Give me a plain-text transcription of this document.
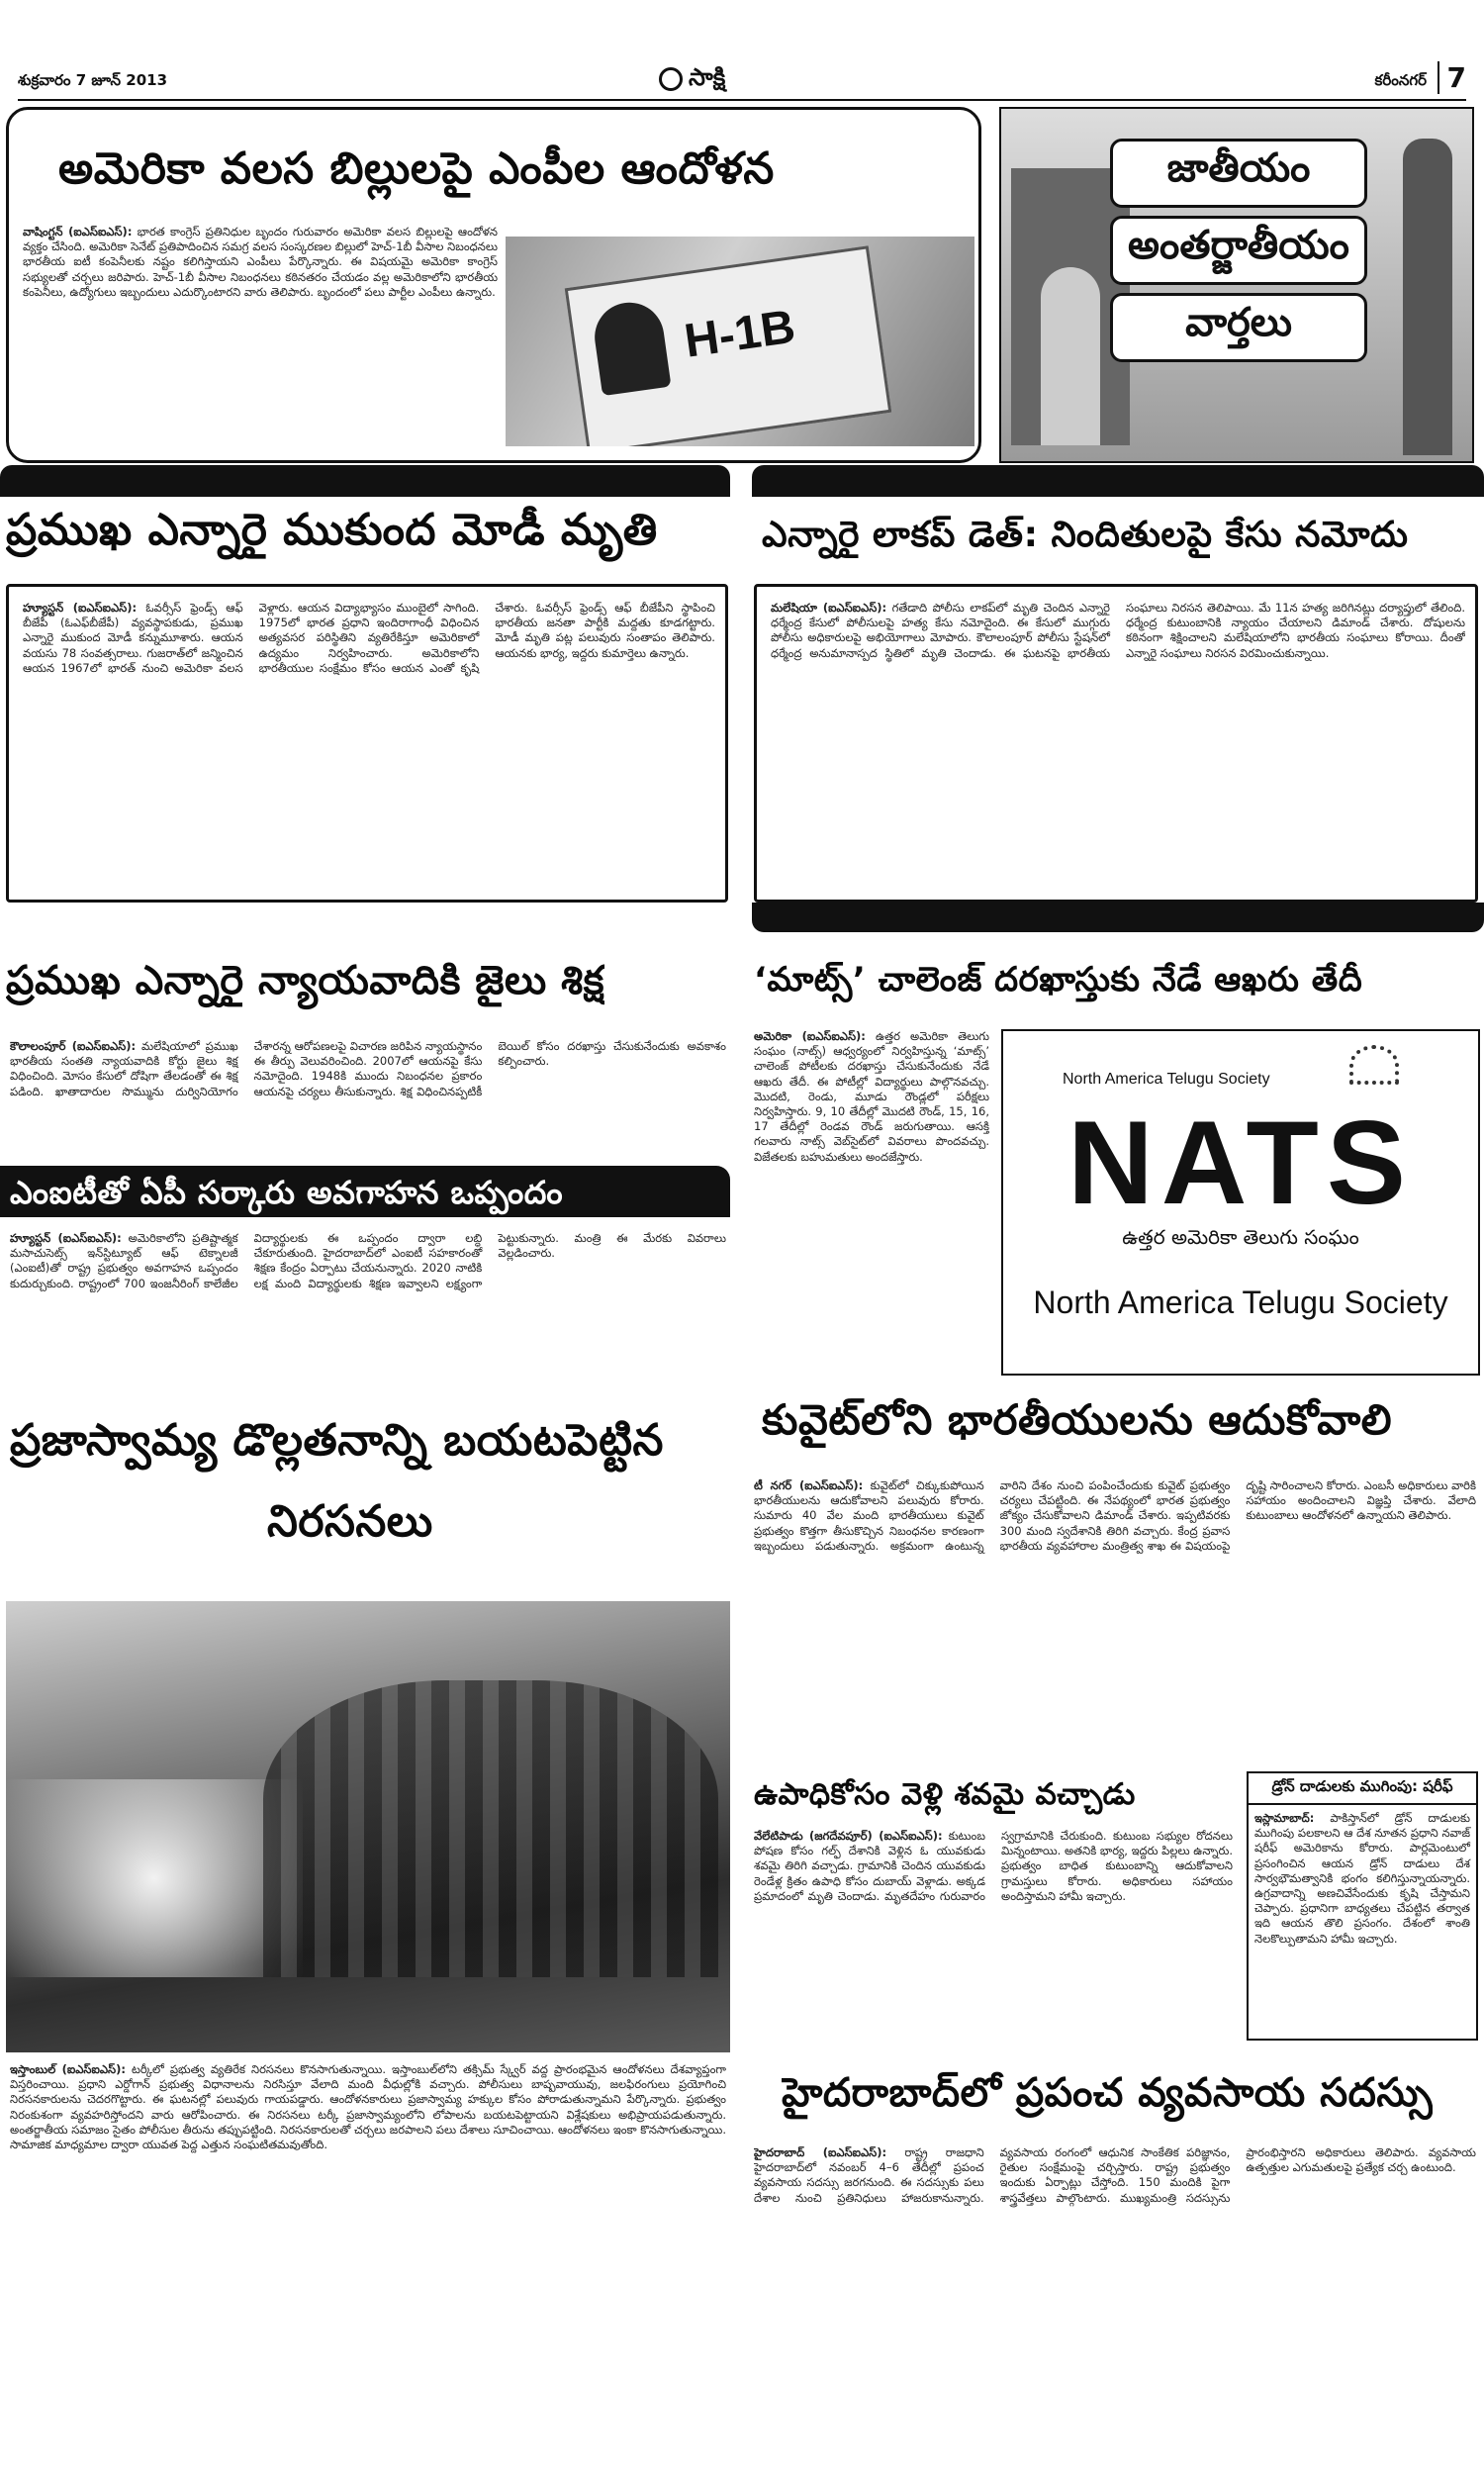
శుక్రవారం 7 జూన్ 2013	సాక్షి	కరీంనగర్ 7
అమెరికా వలస బిల్లులపై ఎంపీల ఆందోళన
వాషింగ్టన్ (ఐఎస్‌ఐఎస్): భారత కాంగ్రెస్ ప్రతినిధుల బృందం గురువారం అమెరికా వలస బిల్లులపై ఆందోళన వ్యక్తం చేసింది. అమెరికా సెనేట్ ప్రతిపాదించిన సమగ్ర వలస సంస్కరణల బిల్లులో హెచ్-1బీ వీసాల నిబంధనలు భారతీయ ఐటీ కంపెనీలకు నష్టం కలిగిస్తాయని ఎంపీలు పేర్కొన్నారు. ఈ విషయమై అమెరికా కాంగ్రెస్ సభ్యులతో చర్చలు జరిపారు. హెచ్-1బీ వీసాల నిబంధనలు కఠినతరం చేయడం వల్ల అమెరికాలోని భారతీయ కంపెనీలు, ఉద్యోగులు ఇబ్బందులు ఎదుర్కొంటారని వారు తెలిపారు. బృందంలో పలు పార్టీల ఎంపీలు ఉన్నారు.
H-1B
జాతీయం
అంతర్జాతీయం
వార్తలు
ప్రముఖ ఎన్నారై ముకుంద మోడీ మృతి
హ్యూస్టన్ (ఐఎస్‌ఐఎస్): ఓవర్సీస్ ఫ్రెండ్స్ ఆఫ్ బీజేపీ (ఓఎఫ్‌బీజేపీ) వ్యవస్థాపకుడు, ప్రముఖ ఎన్నారై ముకుంద మోడీ కన్నుమూశారు. ఆయన వయసు 78 సంవత్సరాలు. గుజరాత్‌లో జన్మించిన ఆయన 1967లో భారత్ నుంచి అమెరికా వలస వెళ్లారు. ఆయన విద్యాభ్యాసం ముంబైలో సాగింది. 1975లో భారత ప్రధాని ఇందిరాగాంధీ విధించిన అత్యవసర పరిస్థితిని వ్యతిరేకిస్తూ అమెరికాలో ఉద్యమం నిర్వహించారు. అమెరికాలోని భారతీయుల సంక్షేమం కోసం ఆయన ఎంతో కృషి చేశారు. ఓవర్సీస్ ఫ్రెండ్స్ ఆఫ్ బీజేపీని స్థాపించి భారతీయ జనతా పార్టీకి మద్దతు కూడగట్టారు. మోడీ మృతి పట్ల పలువురు సంతాపం తెలిపారు. ఆయనకు భార్య, ఇద్దరు కుమార్తెలు ఉన్నారు.
ఎన్నారై లాకప్ డెత్: నిందితులపై కేసు నమోదు
మలేషియా (ఐఎస్‌ఐఎస్): గతేడాది పోలీసు లాకప్‌లో మృతి చెందిన ఎన్నారై ధర్మేంద్ర కేసులో పోలీసులపై హత్య కేసు నమోదైంది. ఈ కేసులో ముగ్గురు పోలీసు అధికారులపై అభియోగాలు మోపారు. కౌలాలంపూర్ పోలీసు స్టేషన్‌లో ధర్మేంద్ర అనుమానాస్పద స్థితిలో మృతి చెందాడు. ఈ ఘటనపై భారతీయ సంఘాలు నిరసన తెలిపాయి. మే 11న హత్య జరిగినట్లు దర్యాప్తులో తేలింది. ధర్మేంద్ర కుటుంబానికి న్యాయం చేయాలని డిమాండ్ చేశారు. దోషులను కఠినంగా శిక్షించాలని మలేషియాలోని భారతీయ సంఘాలు కోరాయి. దీంతో ఎన్నారై సంఘాలు నిరసన విరమించుకున్నాయి.
ప్రముఖ ఎన్నారై న్యాయవాదికి జైలు శిక్ష
కౌలాలంపూర్ (ఐఎస్‌ఐఎస్): మలేషియాలో ప్రముఖ భారతీయ సంతతి న్యాయవాదికి కోర్టు జైలు శిక్ష విధించింది. మోసం కేసులో దోషిగా తేలడంతో ఈ శిక్ష పడింది. ఖాతాదారుల సొమ్మును దుర్వినియోగం చేశారన్న ఆరోపణలపై విచారణ జరిపిన న్యాయస్థానం ఈ తీర్పు వెలువరించింది. 2007లో ఆయనపై కేసు నమోదైంది. 1948కి ముందు నిబంధనల ప్రకారం ఆయనపై చర్యలు తీసుకున్నారు. శిక్ష విధించినప్పటికీ బెయిల్ కోసం దరఖాస్తు చేసుకునేందుకు అవకాశం కల్పించారు.
ఎంఐటీతో ఏపీ సర్కారు అవగాహన ఒప్పందం
హ్యూస్టన్ (ఐఎస్‌ఐఎస్): అమెరికాలోని ప్రతిష్టాత్మక మసాచుసెట్స్ ఇన్‌స్టిట్యూట్ ఆఫ్ టెక్నాలజీ (ఎంఐటీ)తో రాష్ట్ర ప్రభుత్వం అవగాహన ఒప్పందం కుదుర్చుకుంది. రాష్ట్రంలో 700 ఇంజనీరింగ్ కాలేజీల విద్యార్థులకు ఈ ఒప్పందం ద్వారా లబ్ధి చేకూరుతుంది. హైదరాబాద్‌లో ఎంఐటీ సహకారంతో శిక్షణ కేంద్రం ఏర్పాటు చేయనున్నారు. 2020 నాటికి లక్ష మంది విద్యార్థులకు శిక్షణ ఇవ్వాలని లక్ష్యంగా పెట్టుకున్నారు. మంత్రి ఈ మేరకు వివరాలు వెల్లడించారు.
‘మాట్స్’ చాలెంజ్ దరఖాస్తుకు నేడే ఆఖరు తేదీ
అమెరికా (ఐఎస్‌ఐఎస్): ఉత్తర అమెరికా తెలుగు సంఘం (నాట్స్) ఆధ్వర్యంలో నిర్వహిస్తున్న ‘మాట్స్’ చాలెంజ్ పోటీలకు దరఖాస్తు చేసుకునేందుకు నేడే ఆఖరు తేదీ. ఈ పోటీల్లో విద్యార్థులు పాల్గొనవచ్చు. మొదటి, రెండు, మూడు రౌండ్లలో పరీక్షలు నిర్వహిస్తారు. 9, 10 తేదీల్లో మొదటి రౌండ్, 15, 16, 17 తేదీల్లో రెండవ రౌండ్ జరుగుతాయి. ఆసక్తి గలవారు నాట్స్ వెబ్‌సైట్‌లో వివరాలు పొందవచ్చు. విజేతలకు బహుమతులు అందజేస్తారు.
North America Telugu Society
NATS
ఉత్తర అమెరికా తెలుగు సంఘం
North America Telugu Society
ప్రజాస్వామ్య డొల్లతనాన్ని బయటపెట్టిన
నిరసనలు
ఇస్తాంబుల్ (ఐఎస్‌ఐఎస్): టర్కీలో ప్రభుత్వ వ్యతిరేక నిరసనలు కొనసాగుతున్నాయి. ఇస్తాంబుల్‌లోని తక్సిమ్ స్క్వేర్ వద్ద ప్రారంభమైన ఆందోళనలు దేశవ్యాప్తంగా విస్తరించాయి. ప్రధాని ఎర్డోగాన్ ప్రభుత్వ విధానాలను నిరసిస్తూ వేలాది మంది వీధుల్లోకి వచ్చారు. పోలీసులు బాష్పవాయువు, జలఫిరంగులు ప్రయోగించి నిరసనకారులను చెదరగొట్టారు. ఈ ఘటనల్లో పలువురు గాయపడ్డారు. ఆందోళనకారులు ప్రజాస్వామ్య హక్కుల కోసం పోరాడుతున్నామని పేర్కొన్నారు. ప్రభుత్వం నిరంకుశంగా వ్యవహరిస్తోందని వారు ఆరోపించారు. ఈ నిరసనలు టర్కీ ప్రజాస్వామ్యంలోని లోపాలను బయటపెట్టాయని విశ్లేషకులు అభిప్రాయపడుతున్నారు. అంతర్జాతీయ సమాజం సైతం పోలీసుల తీరును తప్పుపట్టింది. నిరసనకారులతో చర్చలు జరపాలని పలు దేశాలు సూచించాయి. ఆందోళనలు ఇంకా కొనసాగుతున్నాయి. సామాజిక మాధ్యమాల ద్వారా యువత పెద్ద ఎత్తున సంఘటితమవుతోంది.
కువైట్‌లోని భారతీయులను ఆదుకోవాలి
టీ నగర్ (ఐఎస్‌ఐఎస్): కువైట్‌లో చిక్కుకుపోయిన భారతీయులను ఆదుకోవాలని పలువురు కోరారు. సుమారు 40 వేల మంది భారతీయులు కువైట్ ప్రభుత్వం కొత్తగా తీసుకొచ్చిన నిబంధనల కారణంగా ఇబ్బందులు పడుతున్నారు. అక్రమంగా ఉంటున్న వారిని దేశం నుంచి పంపించేందుకు కువైట్ ప్రభుత్వం చర్యలు చేపట్టింది. ఈ నేపథ్యంలో భారత ప్రభుత్వం జోక్యం చేసుకోవాలని డిమాండ్ చేశారు. ఇప్పటివరకు 300 మంది స్వదేశానికి తిరిగి వచ్చారు. కేంద్ర ప్రవాస భారతీయ వ్యవహారాల మంత్రిత్వ శాఖ ఈ విషయంపై దృష్టి సారించాలని కోరారు. ఎంబసీ అధికారులు వారికి సహాయం అందించాలని విజ్ఞప్తి చేశారు. వేలాది కుటుంబాలు ఆందోళనలో ఉన్నాయని తెలిపారు.
ఉపాధికోసం వెళ్లి శవమై వచ్చాడు
వేలేటిపాడు (జగదేవపూర్) (ఐఎస్‌ఐఎస్): కుటుంబ పోషణ కోసం గల్ఫ్ దేశానికి వెళ్లిన ఓ యువకుడు శవమై తిరిగి వచ్చాడు. గ్రామానికి చెందిన యువకుడు రెండేళ్ల క్రితం ఉపాధి కోసం దుబాయ్ వెళ్లాడు. అక్కడ ప్రమాదంలో మృతి చెందాడు. మృతదేహం గురువారం స్వగ్రామానికి చేరుకుంది. కుటుంబ సభ్యుల రోదనలు మిన్నంటాయి. అతనికి భార్య, ఇద్దరు పిల్లలు ఉన్నారు. ప్రభుత్వం బాధిత కుటుంబాన్ని ఆదుకోవాలని గ్రామస్తులు కోరారు. అధికారులు సహాయం అందిస్తామని హామీ ఇచ్చారు.
డ్రోన్ దాడులకు ముగింపు: షరీఫ్
ఇస్లామాబాద్: పాకిస్తాన్‌లో డ్రోన్ దాడులకు ముగింపు పలకాలని ఆ దేశ నూతన ప్రధాని నవాజ్ షరీఫ్ అమెరికాను కోరారు. పార్లమెంటులో ప్రసంగించిన ఆయన డ్రోన్ దాడులు దేశ సార్వభౌమత్వానికి భంగం కలిగిస్తున్నాయన్నారు. ఉగ్రవాదాన్ని అణచివేసేందుకు కృషి చేస్తామని చెప్పారు. ప్రధానిగా బాధ్యతలు చేపట్టిన తర్వాత ఇది ఆయన తొలి ప్రసంగం. దేశంలో శాంతి నెలకొల్పుతామని హామీ ఇచ్చారు.
హైదరాబాద్‌లో ప్రపంచ వ్యవసాయ సదస్సు
హైదరాబాద్ (ఐఎస్‌ఐఎస్): రాష్ట్ర రాజధాని హైదరాబాద్‌లో నవంబర్ 4–6 తేదీల్లో ప్రపంచ వ్యవసాయ సదస్సు జరగనుంది. ఈ సదస్సుకు పలు దేశాల నుంచి ప్రతినిధులు హాజరుకానున్నారు. వ్యవసాయ రంగంలో ఆధునిక సాంకేతిక పరిజ్ఞానం, రైతుల సంక్షేమంపై చర్చిస్తారు. రాష్ట్ర ప్రభుత్వం ఇందుకు ఏర్పాట్లు చేస్తోంది. 150 మందికి పైగా శాస్త్రవేత్తలు పాల్గొంటారు. ముఖ్యమంత్రి సదస్సును ప్రారంభిస్తారని అధికారులు తెలిపారు. వ్యవసాయ ఉత్పత్తుల ఎగుమతులపై ప్రత్యేక చర్చ ఉంటుంది.
